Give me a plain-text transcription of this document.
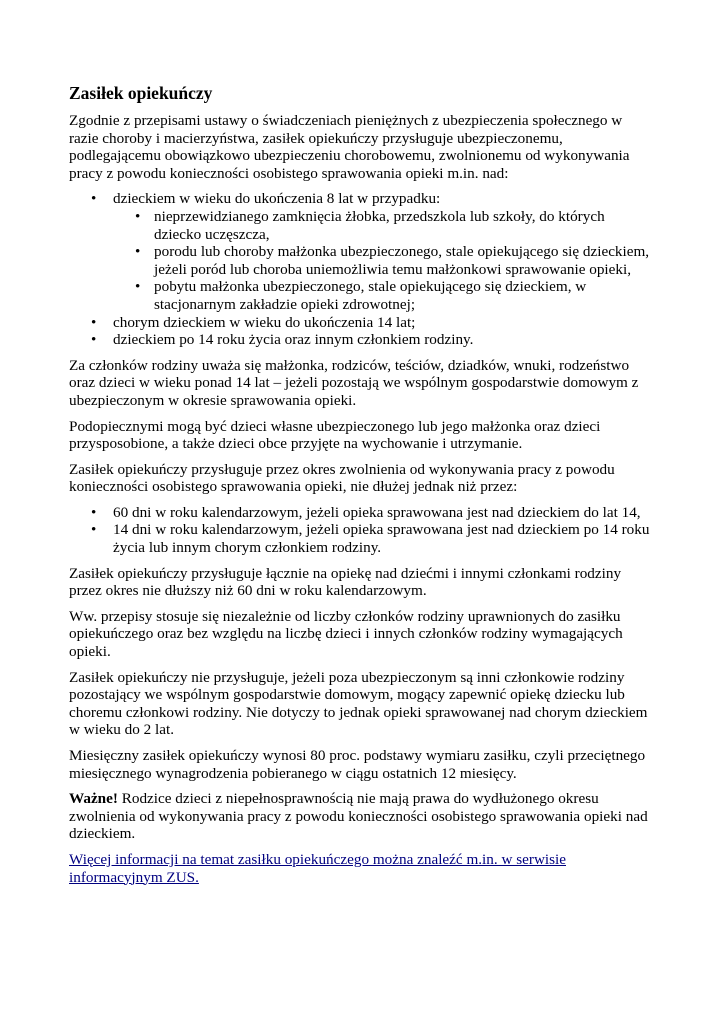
Zasiłek opiekuńczy

Zgodnie z przepisami ustawy o świadczeniach pieniężnych z ubezpieczenia społecznego w razie choroby i macierzyństwa, zasiłek opiekuńczy przysługuje ubezpieczonemu, podlegającemu obowiązkowo ubezpieczeniu chorobowemu, zwolnionemu od wykonywania pracy z powodu konieczności osobistego sprawowania opieki m.in. nad:

• dzieckiem w wieku do ukończenia 8 lat w przypadku:
• nieprzewidzianego zamknięcia żłobka, przedszkola lub szkoły, do których dziecko uczęszcza,
• porodu lub choroby małżonka ubezpieczonego, stale opiekującego się dzieckiem, jeżeli poród lub choroba uniemożliwia temu małżonkowi sprawowanie opieki,
• pobytu małżonka ubezpieczonego, stale opiekującego się dzieckiem, w stacjonarnym zakładzie opieki zdrowotnej;
• chorym dzieckiem w wieku do ukończenia 14 lat;
• dzieckiem po 14 roku życia oraz innym członkiem rodziny.

Za członków rodziny uważa się małżonka, rodziców, teściów, dziadków, wnuki, rodzeństwo oraz dzieci w wieku ponad 14 lat – jeżeli pozostają we wspólnym gospodarstwie domowym z ubezpieczonym w okresie sprawowania opieki.

Podopiecznymi mogą być dzieci własne ubezpieczonego lub jego małżonka oraz dzieci przysposobione, a także dzieci obce przyjęte na wychowanie i utrzymanie.

Zasiłek opiekuńczy przysługuje przez okres zwolnienia od wykonywania pracy z powodu konieczności osobistego sprawowania opieki, nie dłużej jednak niż przez:

• 60 dni w roku kalendarzowym, jeżeli opieka sprawowana jest nad dzieckiem do lat 14,
• 14 dni w roku kalendarzowym, jeżeli opieka sprawowana jest nad dzieckiem po 14 roku życia lub innym chorym członkiem rodziny.

Zasiłek opiekuńczy przysługuje łącznie na opiekę nad dziećmi i innymi członkami rodziny przez okres nie dłuższy niż 60 dni w roku kalendarzowym.

Ww. przepisy stosuje się niezależnie od liczby członków rodziny uprawnionych do zasiłku opiekuńczego oraz bez względu na liczbę dzieci i innych członków rodziny wymagających opieki.

Zasiłek opiekuńczy nie przysługuje, jeżeli poza ubezpieczonym są inni członkowie rodziny pozostający we wspólnym gospodarstwie domowym, mogący zapewnić opiekę dziecku lub choremu członkowi rodziny. Nie dotyczy to jednak opieki sprawowanej nad chorym dzieckiem w wieku do 2 lat.

Miesięczny zasiłek opiekuńczy wynosi 80 proc. podstawy wymiaru zasiłku, czyli przeciętnego miesięcznego wynagrodzenia pobieranego w ciągu ostatnich 12 miesięcy.

Ważne! Rodzice dzieci z niepełnosprawnością nie mają prawa do wydłużonego okresu zwolnienia od wykonywania pracy z powodu konieczności osobistego sprawowania opieki nad dzieckiem.

Więcej informacji na temat zasiłku opiekuńczego można znaleźć m.in. w serwisie informacyjnym ZUS.
